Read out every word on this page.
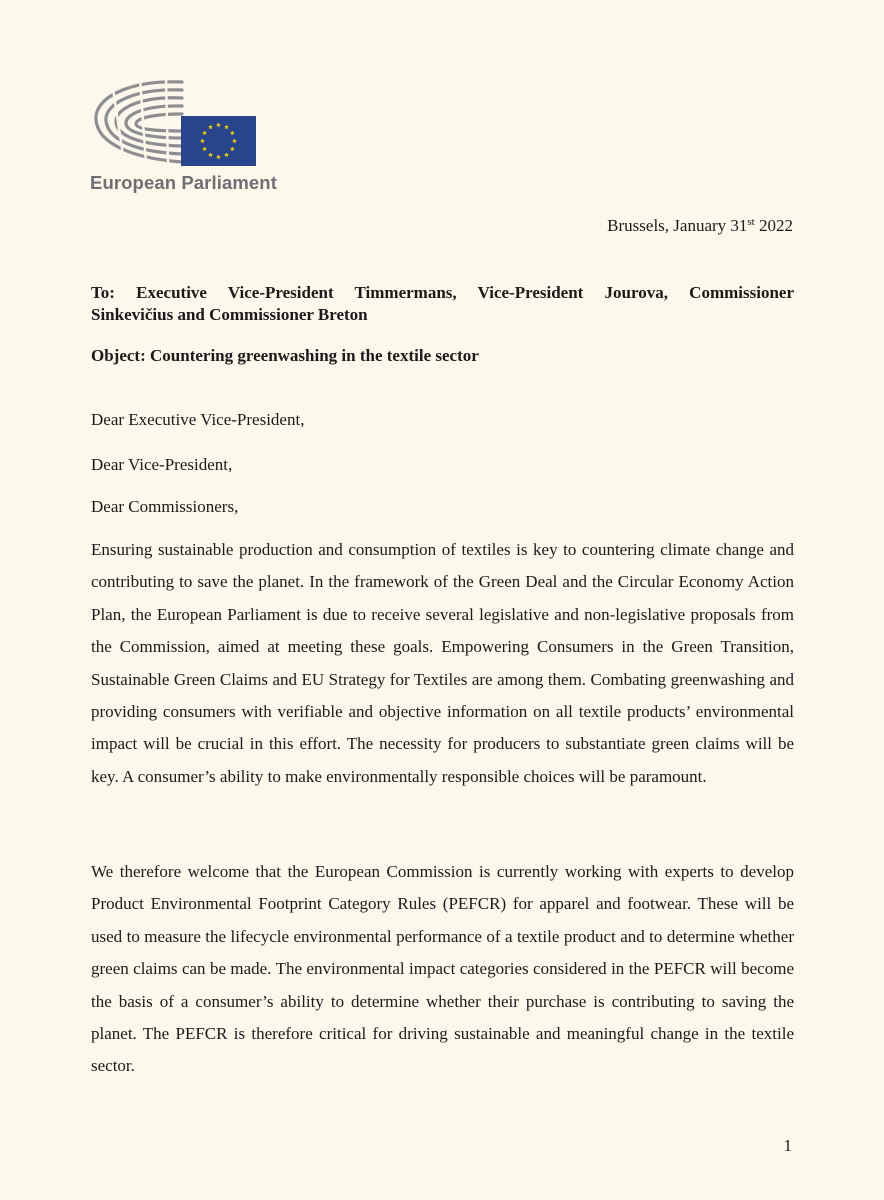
European Parliament
Brussels, January 31st 2022
To: Executive Vice-President Timmermans, Vice-President Jourova, Commissioner
Sinkevičius and Commissioner Breton
Object: Countering greenwashing in the textile sector
Dear Executive Vice-President,
Dear Vice-President,
Dear Commissioners,

Ensuring sustainable production and consumption of textiles is key to countering climate change and contributing to save the planet. In the framework of the Green Deal and the Circular Economy Action Plan, the European Parliament is due to receive several legislative and non-legislative proposals from the Commission, aimed at meeting these goals. Empowering Consumers in the Green Transition, Sustainable Green Claims and EU Strategy for Textiles are among them. Combating greenwashing and providing consumers with verifiable and objective information on all textile products’ environmental impact will be crucial in this effort. The necessity for producers to substantiate green claims will be key. A consumer’s ability to make environmentally responsible choices will be paramount.

We therefore welcome that the European Commission is currently working with experts to develop Product Environmental Footprint Category Rules (PEFCR) for apparel and footwear. These will be used to measure the lifecycle environmental performance of a textile product and to determine whether green claims can be made. The environmental impact categories considered in the PEFCR will become the basis of a consumer’s ability to determine whether their purchase is contributing to saving the planet. The PEFCR is therefore critical for driving sustainable and meaningful change in the textile sector.

1
